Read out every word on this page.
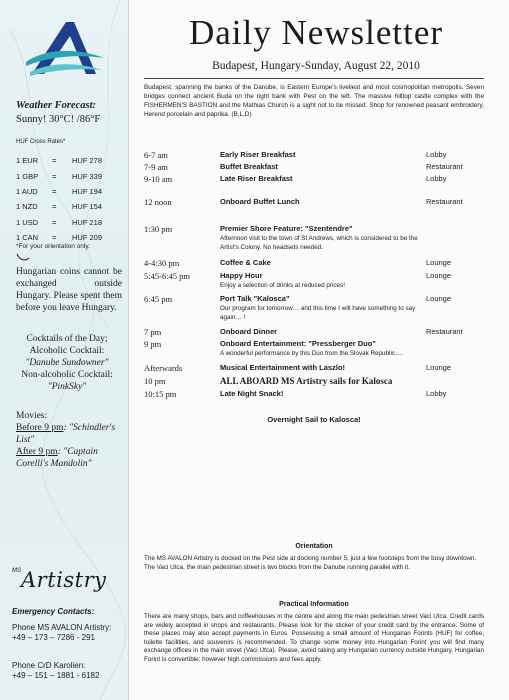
Weather Forecast:
Sunny! 30°C! /86°F
HUF Cross Rates*
1 EUR	=	HUF 278
1 GBP	=	HUF 339
1 AUD	=	HUF 194
1 NZD	=	HUF 154
1 USD	=	HUF 218
1 CAN	=	HUF 209
*For your orientation only.
Hungarian coins cannot be exchanged outside Hungary. Please spent them before you leave Hungary.
Cocktails of the Day;
Alcoholic Cocktail:
"Danube Sundowner"
Non-alcoholic Cocktail:
"PinkSky"
Movies:
Before 9 pm: "Schindler's List"
After 9 pm: "Captain Corelli's Mandolin"
$^{MS}$Artistry
Emergency Contacts:
Phone MS AVALON Artistry:
+49 – 173 – 7286 - 291
Phone CrD Karolien:
+49 – 151 – 1881 - 6182
Daily Newsletter
Budapest, Hungary-Sunday, August 22, 2010
Budapest, spanning the banks of the Danube, is Eastern Europe's liveliest and most cosmopolitan metropolis. Seven bridges connect ancient Buda on the right bank with Pest on the left. The massive hilltop castle complex with the FISHERMEN'S BASTION and the Mathias Church is a sight not to be missed. Shop for renowned peasant embroidery, Herend porcelain and paprika. (B,L,D)
6-7 am	Early Riser Breakfast	Lobby
7-9 am	Buffet Breakfast	Restaurant
9-10 am	Late Riser Breakfast	Lobby
12 noon	Onboard Buffet Lunch	Restaurant
1:30 pm	Premier Shore Feature: "Szentendre"
Afternoon visit to the town of St Andrews, which is considered to be the Artist's Colony. No headsets needed.
4-4:30 pm	Coffee & Cake	Lounge
5:45-6:45 pm	Happy Hour	Lounge
Enjoy a selection of drinks at reduced prices!
6:45 pm	Port Talk "Kalosca"	Lounge
Our program for tomorrow… and this time I will have something to say again… !
7 pm	Onboard Dinner	Restaurant
9 pm	Onboard Entertainment: "Pressberger Duo"
A wonderful performance by this Duo from the Slovak Republic….
Afterwards	Musical Entertainment with Laszlo!	Lounge
10 pm	ALL ABOARD MS Artistry sails for Kalosca
10:15 pm	Late Night Snack!	Lobby
Overnight Sail to Kalosca!
Orientation
The MS AVALON Artistry is docked on the Pest side at docking number 5, just a few footsteps from the busy downtown. The Vaci Utca, the main pedestrian street is two blocks from the Danube running parallel with it.
Practical Information
There are many shops, bars and coffeehouses in the centre and along the main pedestrian street Vaci Utca. Credit cards are widely accepted in shops and restaurants. Please look for the sticker of your credit card by the entrance. Some of these places may also accept payments in Euros. Possessing a small amount of Hungarian Forints (HUF) for coffee, toilette facilities, and souvenirs is recommended. To change some money into Hungarian Forint you will find many exchange offices in the main street (Vaci Utca). Please, avoid taking any Hungarian currency outside Hungary. Hungarian Forint is convertible; however high commissions and fees apply.
